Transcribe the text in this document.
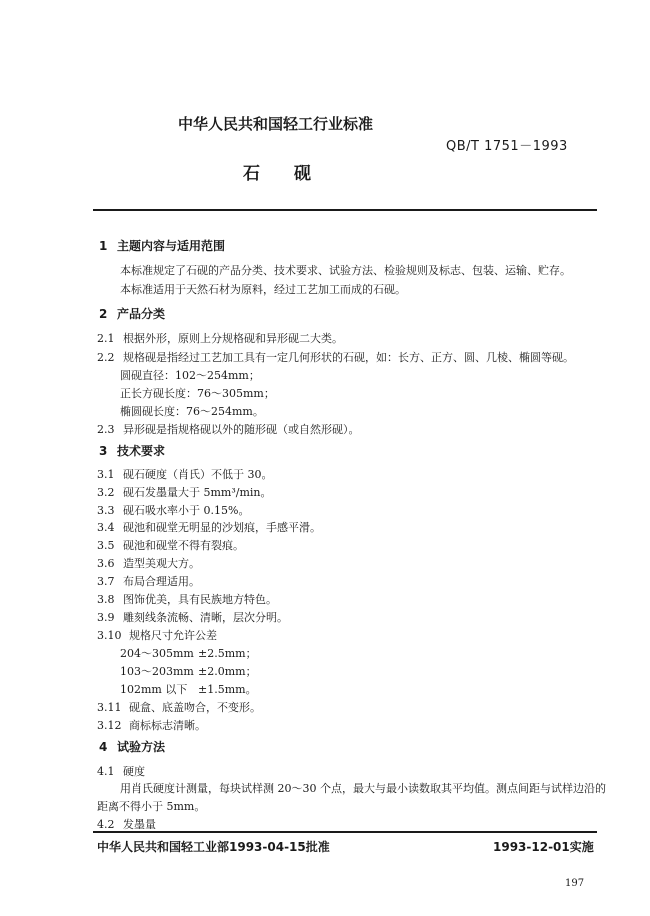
中华人民共和国轻工行业标准
QB/T 1751－1993
石　　砚
1 主题内容与适用范围
本标准规定了石砚的产品分类、技术要求、试验方法、检验规则及标志、包装、运输、贮存。
本标准适用于天然石材为原料，经过工艺加工而成的石砚。
2 产品分类
2.1 根据外形，原则上分规格砚和异形砚二大类。
2.2 规格砚是指经过工艺加工具有一定几何形状的石砚，如：长方、正方、圆、几棱、椭圆等砚。
圆砚直径：102～254mm；
正长方砚长度：76～305mm；
椭圆砚长度：76～254mm。
2.3 异形砚是指规格砚以外的随形砚（或自然形砚）。
3 技术要求
3.1 砚石硬度（肖氏）不低于 30。
3.2 砚石发墨量大于 5mm³/min。
3.3 砚石吸水率小于 0.15%。
3.4 砚池和砚堂无明显的沙划痕，手感平滑。
3.5 砚池和砚堂不得有裂痕。
3.6 造型美观大方。
3.7 布局合理适用。
3.8 图饰优美，具有民族地方特色。
3.9 雕刻线条流畅、清晰，层次分明。
3.10 规格尺寸允许公差
204～305mm ±2.5mm；
103～203mm ±2.0mm；
102mm 以下 ±1.5mm。
3.11 砚盒、底盖吻合，不变形。
3.12 商标标志清晰。
4 试验方法
4.1 硬度
用肖氏硬度计测量，每块试样测 20～30 个点，最大与最小读数取其平均值。测点间距与试样边沿的
距离不得小于 5mm。
4.2 发墨量
中华人民共和国轻工业部1993-04-15批准	1993-12-01实施
197
